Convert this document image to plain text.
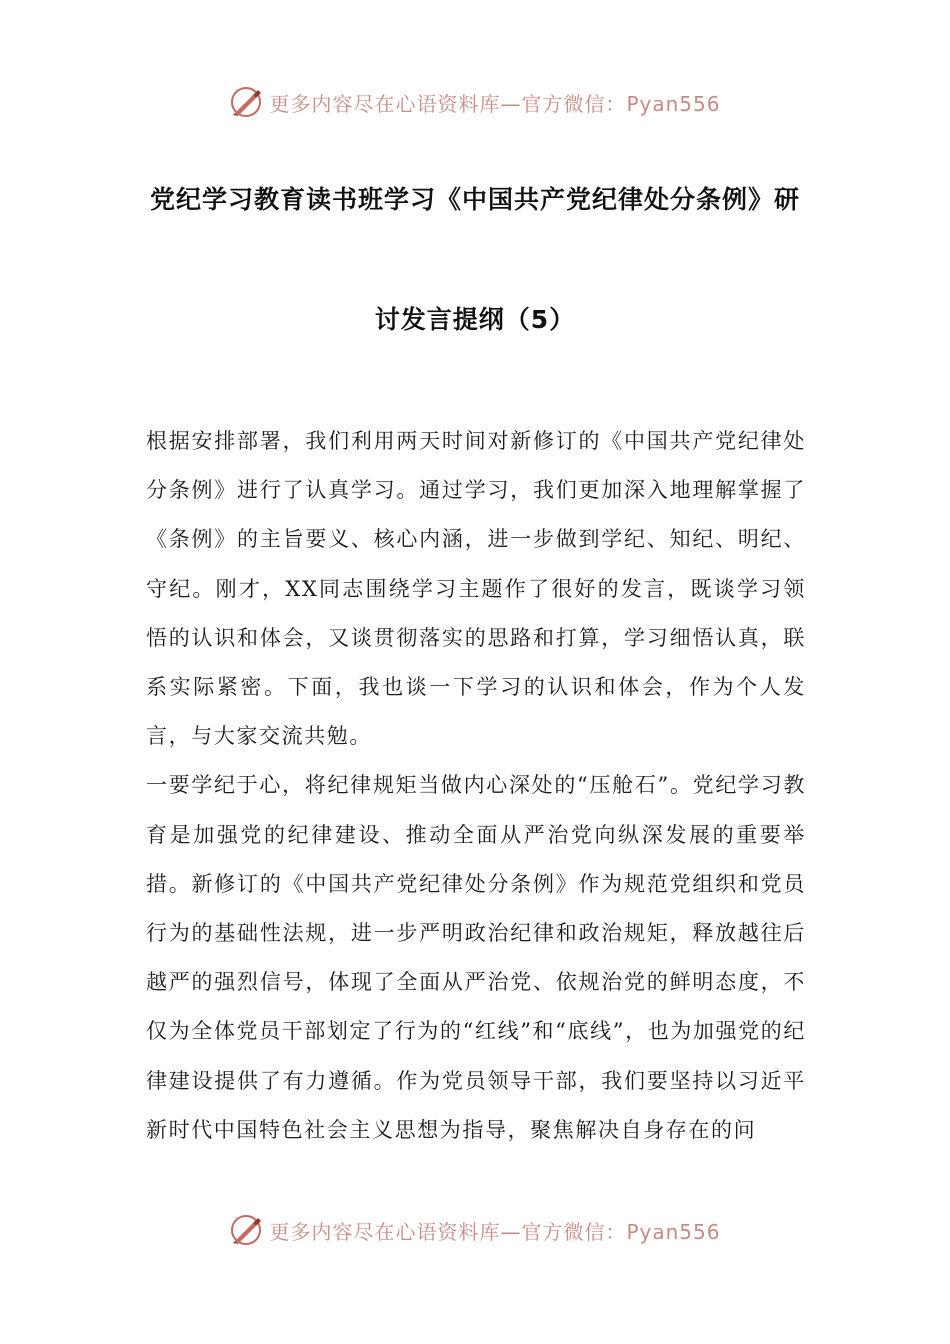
更多内容尽在心语资料库—官方微信：Pyan556
党纪学习教育读书班学习《中国共产党纪律处分条例》研
讨发言提纲（5）

根据安排部署，我们利用两天时间对新修订的《中国共产党纪律处分条例》进行了认真学习。通过学习，我们更加深入地理解掌握了《条例》的主旨要义、核心内涵，进一步做到学纪、知纪、明纪、守纪。刚才，XX同志围绕学习主题作了很好的发言，既谈学习领悟的认识和体会，又谈贯彻落实的思路和打算，学习细悟认真，联系实际紧密。下面，我也谈一下学习的认识和体会，作为个人发言，与大家交流共勉。

一要学纪于心，将纪律规矩当做内心深处的“压舱石”。党纪学习教育是加强党的纪律建设、推动全面从严治党向纵深发展的重要举措。新修订的《中国共产党纪律处分条例》作为规范党组织和党员行为的基础性法规，进一步严明政治纪律和政治规矩，释放越往后越严的强烈信号，体现了全面从严治党、依规治党的鲜明态度，不仅为全体党员干部划定了行为的“红线”和“底线”，也为加强党的纪律建设提供了有力遵循。作为党员领导干部，我们要坚持以习近平新时代中国特色社会主义思想为指导，聚焦解决自身存在的问

更多内容尽在心语资料库—官方微信：Pyan556
